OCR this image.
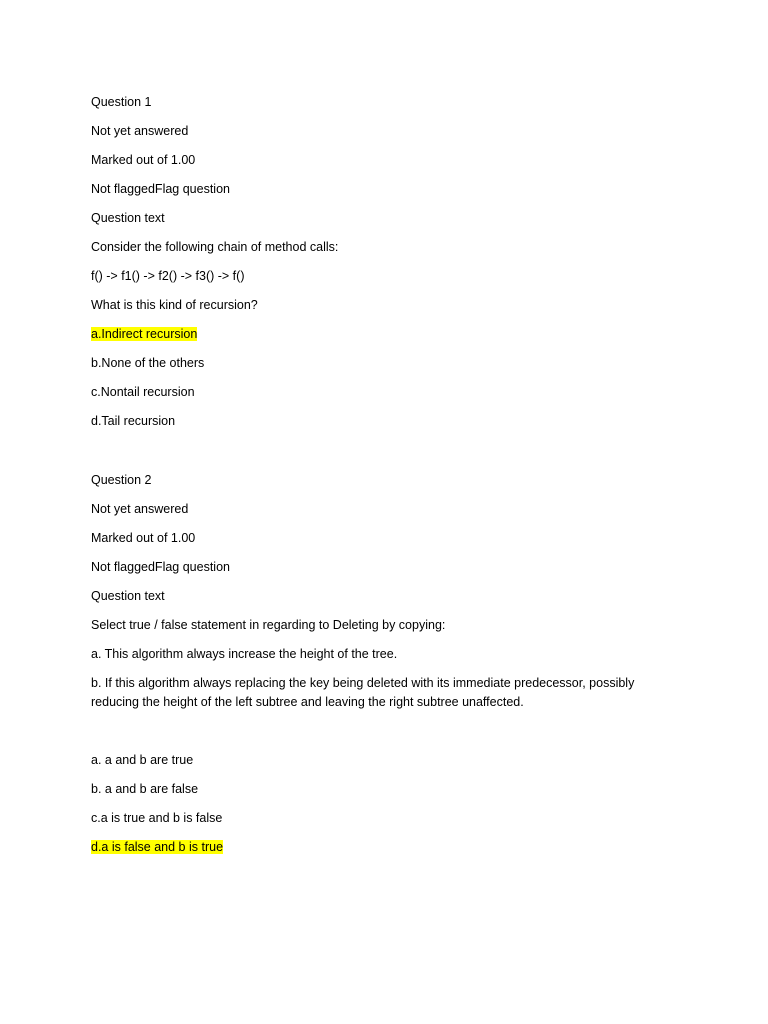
Question 1
Not yet answered
Marked out of 1.00
Not flaggedFlag question
Question text
Consider the following chain of method calls:
f() -> f1() -> f2() -> f3() -> f()
What is this kind of recursion?
a.Indirect recursion
b.None of the others
c.Nontail recursion
d.Tail recursion
Question 2
Not yet answered
Marked out of 1.00
Not flaggedFlag question
Question text
Select true / false statement in regarding to Deleting by copying:
a. This algorithm always increase the height of the tree.
b. If this algorithm always replacing the key being deleted with its immediate predecessor, possibly reducing the height of the left subtree and leaving the right subtree unaffected.
a. a and b are true
b. a and b are false
c.a is true and b is false
d.a is false and b is true
